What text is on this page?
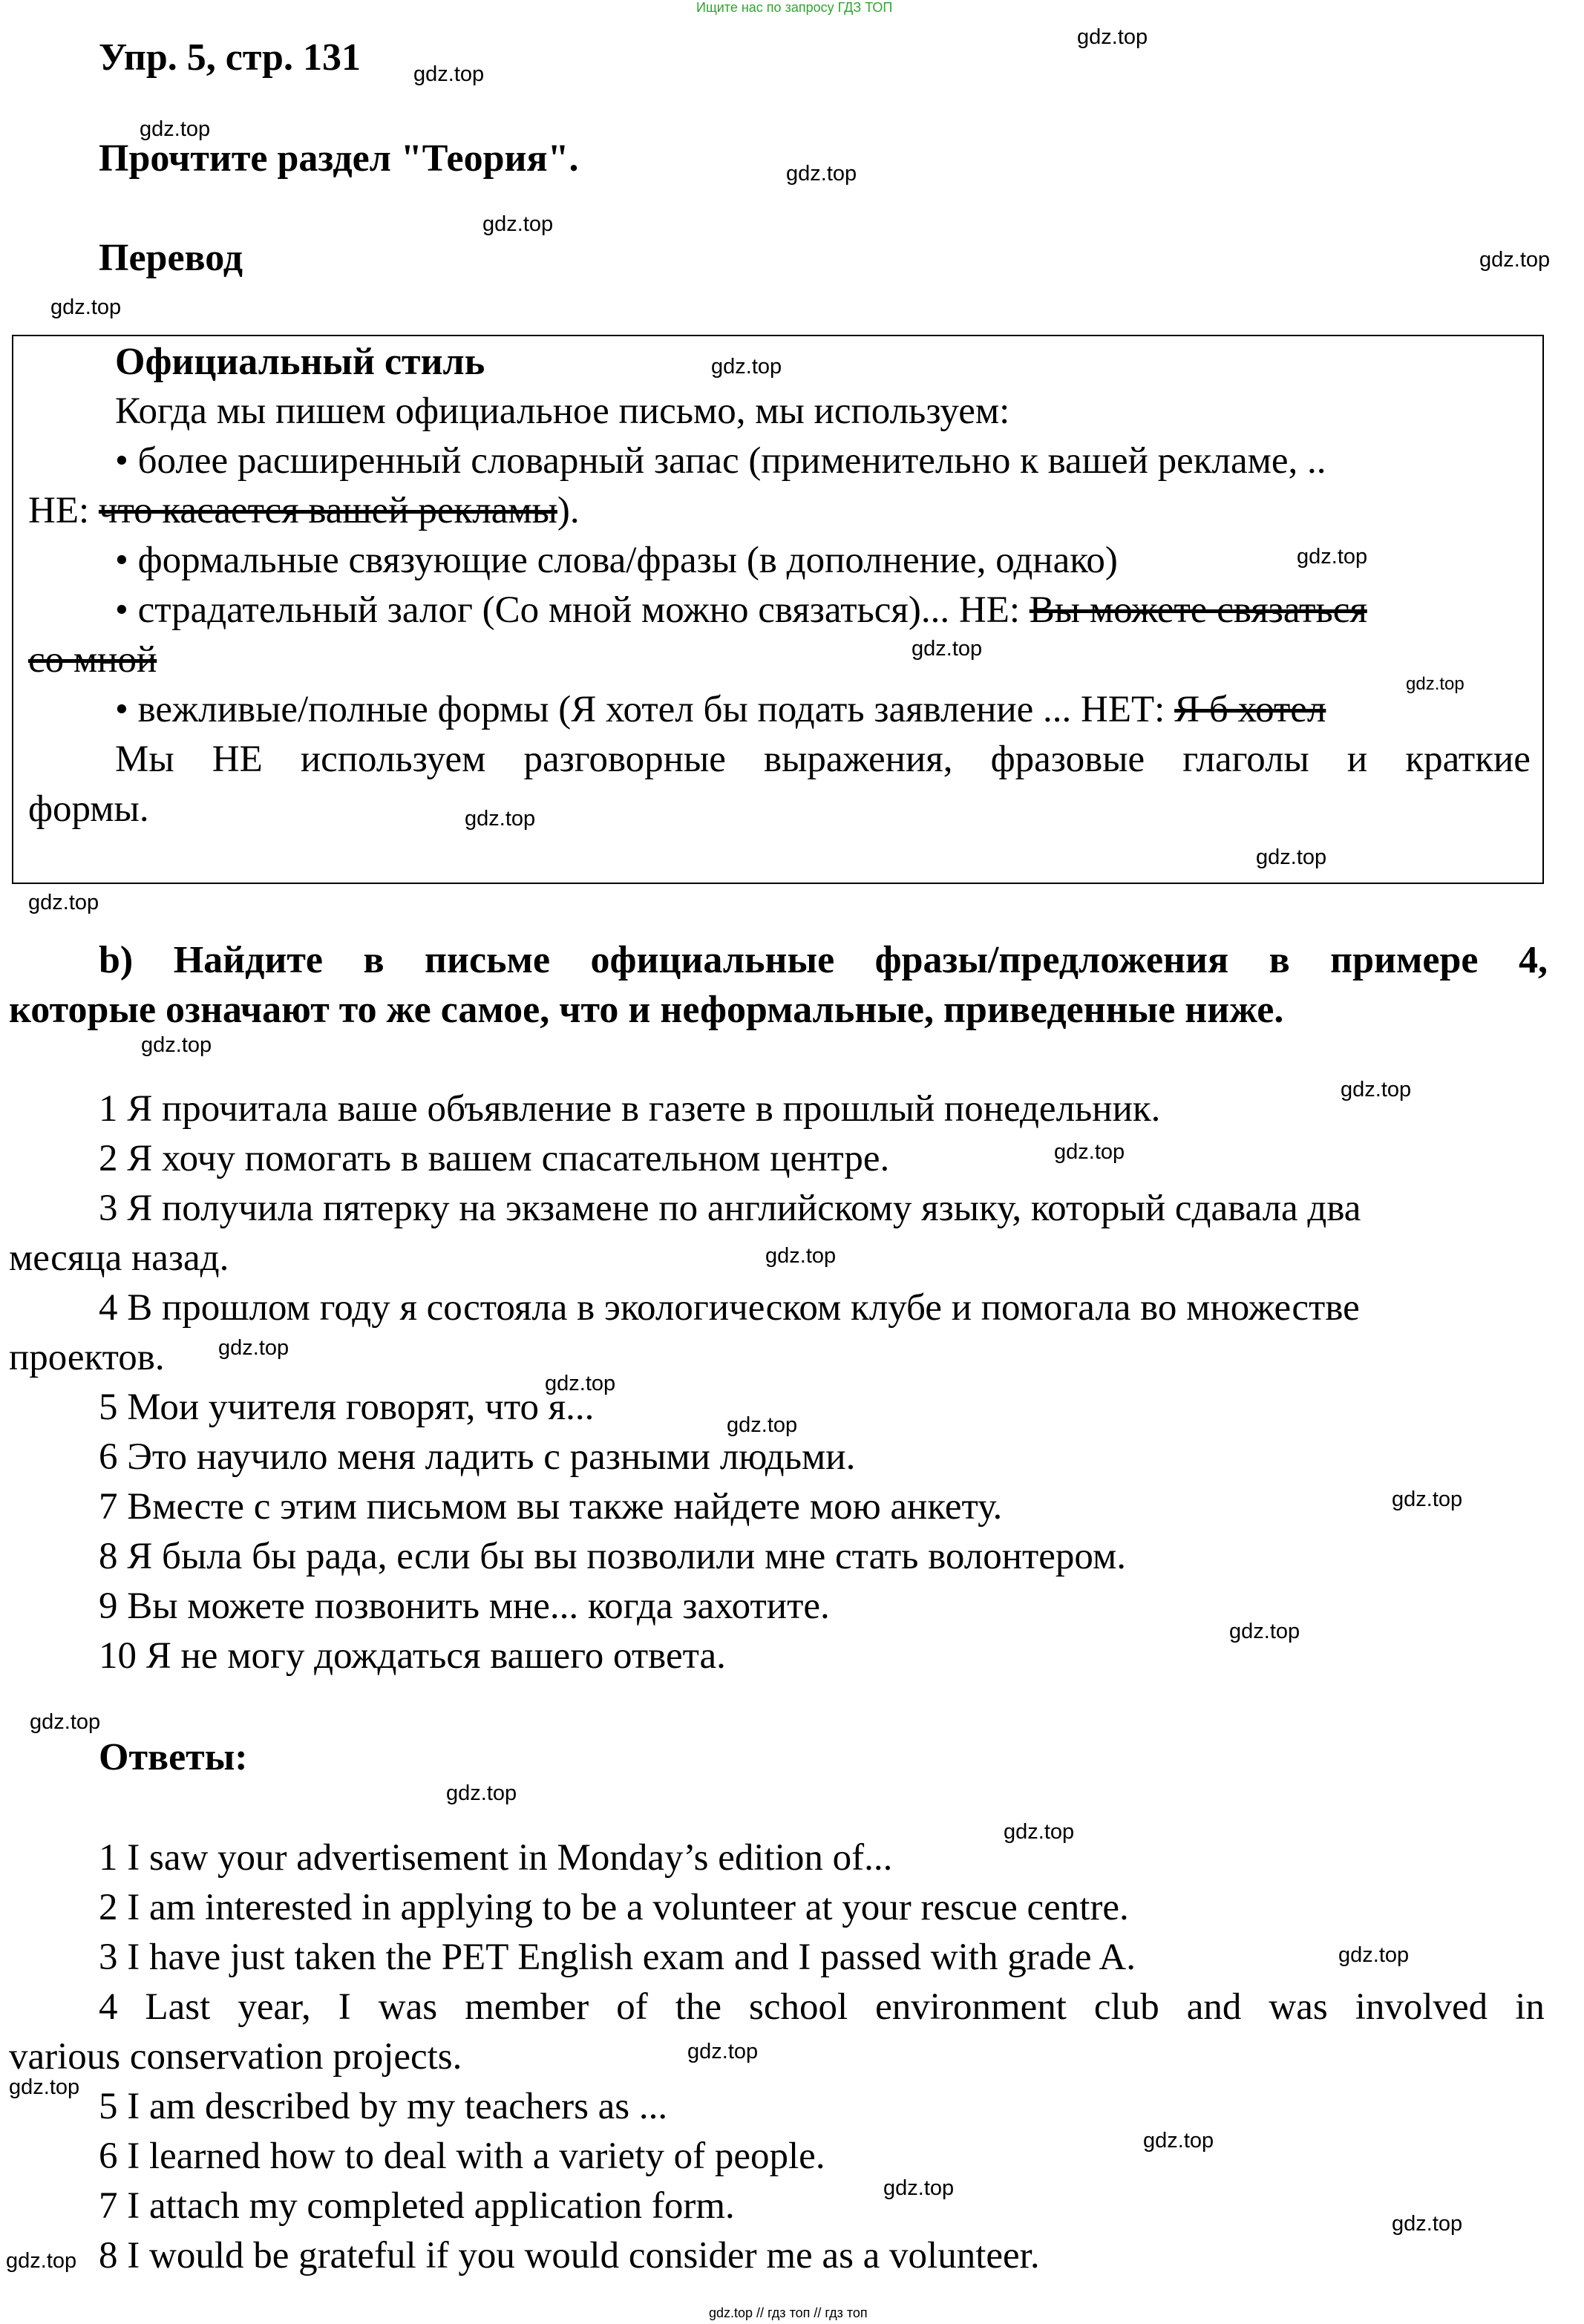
Ищите нас по запросу ГДЗ ТОП
gdz.top // гдз топ // гдз топ
Упр. 5, стр. 131
Прочтите раздел "Теория".
Перевод
Официальный стиль
Когда мы пишем официальное письмо, мы используем:
• более расширенный словарный запас (применительно к вашей рекламе, ..
НЕ: что касается вашей рекламы).
• формальные связующие слова/фразы (в дополнение, однако)
• страдательный залог (Со мной можно связаться)... НЕ: Вы можете связаться
со мной
• вежливые/полные формы (Я хотел бы подать заявление ... НЕТ: Я б хотел
Мы НЕ используем разговорные выражения, фразовые глаголы и краткие
формы.
b) Найдите в письме официальные фразы/предложения в примере 4,
которые означают то же самое, что и неформальные, приведенные ниже.
1 Я прочитала ваше объявление в газете в прошлый понедельник.
2 Я хочу помогать в вашем спасательном центре.
3 Я получила пятерку на экзамене по английскому языку, который сдавала два
месяца назад.
4 В прошлом году я состояла в экологическом клубе и помогала во множестве
проектов.
5 Мои учителя говорят, что я...
6 Это научило меня ладить с разными людьми.
7 Вместе с этим письмом вы также найдете мою анкету.
8 Я была бы рада, если бы вы позволили мне стать волонтером.
9 Вы можете позвонить мне... когда захотите.
10 Я не могу дождаться вашего ответа.
Ответы:
1 I saw your advertisement in Monday’s edition of...
2 I am interested in applying to be a volunteer at your rescue centre.
3 I have just taken the PET English exam and I passed with grade A.
4 Last year, I was member of the school environment club and was involved in
various conservation projects.
5 I am described by my teachers as ...
6 I learned how to deal with a variety of people.
7 I attach my completed application form.
8 I would be grateful if you would consider me as a volunteer.
gdz.top
gdz.top
gdz.top
gdz.top
gdz.top
gdz.top
gdz.top
gdz.top
gdz.top
gdz.top
gdz.top
gdz.top
gdz.top
gdz.top
gdz.top
gdz.top
gdz.top
gdz.top
gdz.top
gdz.top
gdz.top
gdz.top
gdz.top
gdz.top
gdz.top
gdz.top
gdz.top
gdz.top
gdz.top
gdz.top
gdz.top
gdz.top
gdz.top
